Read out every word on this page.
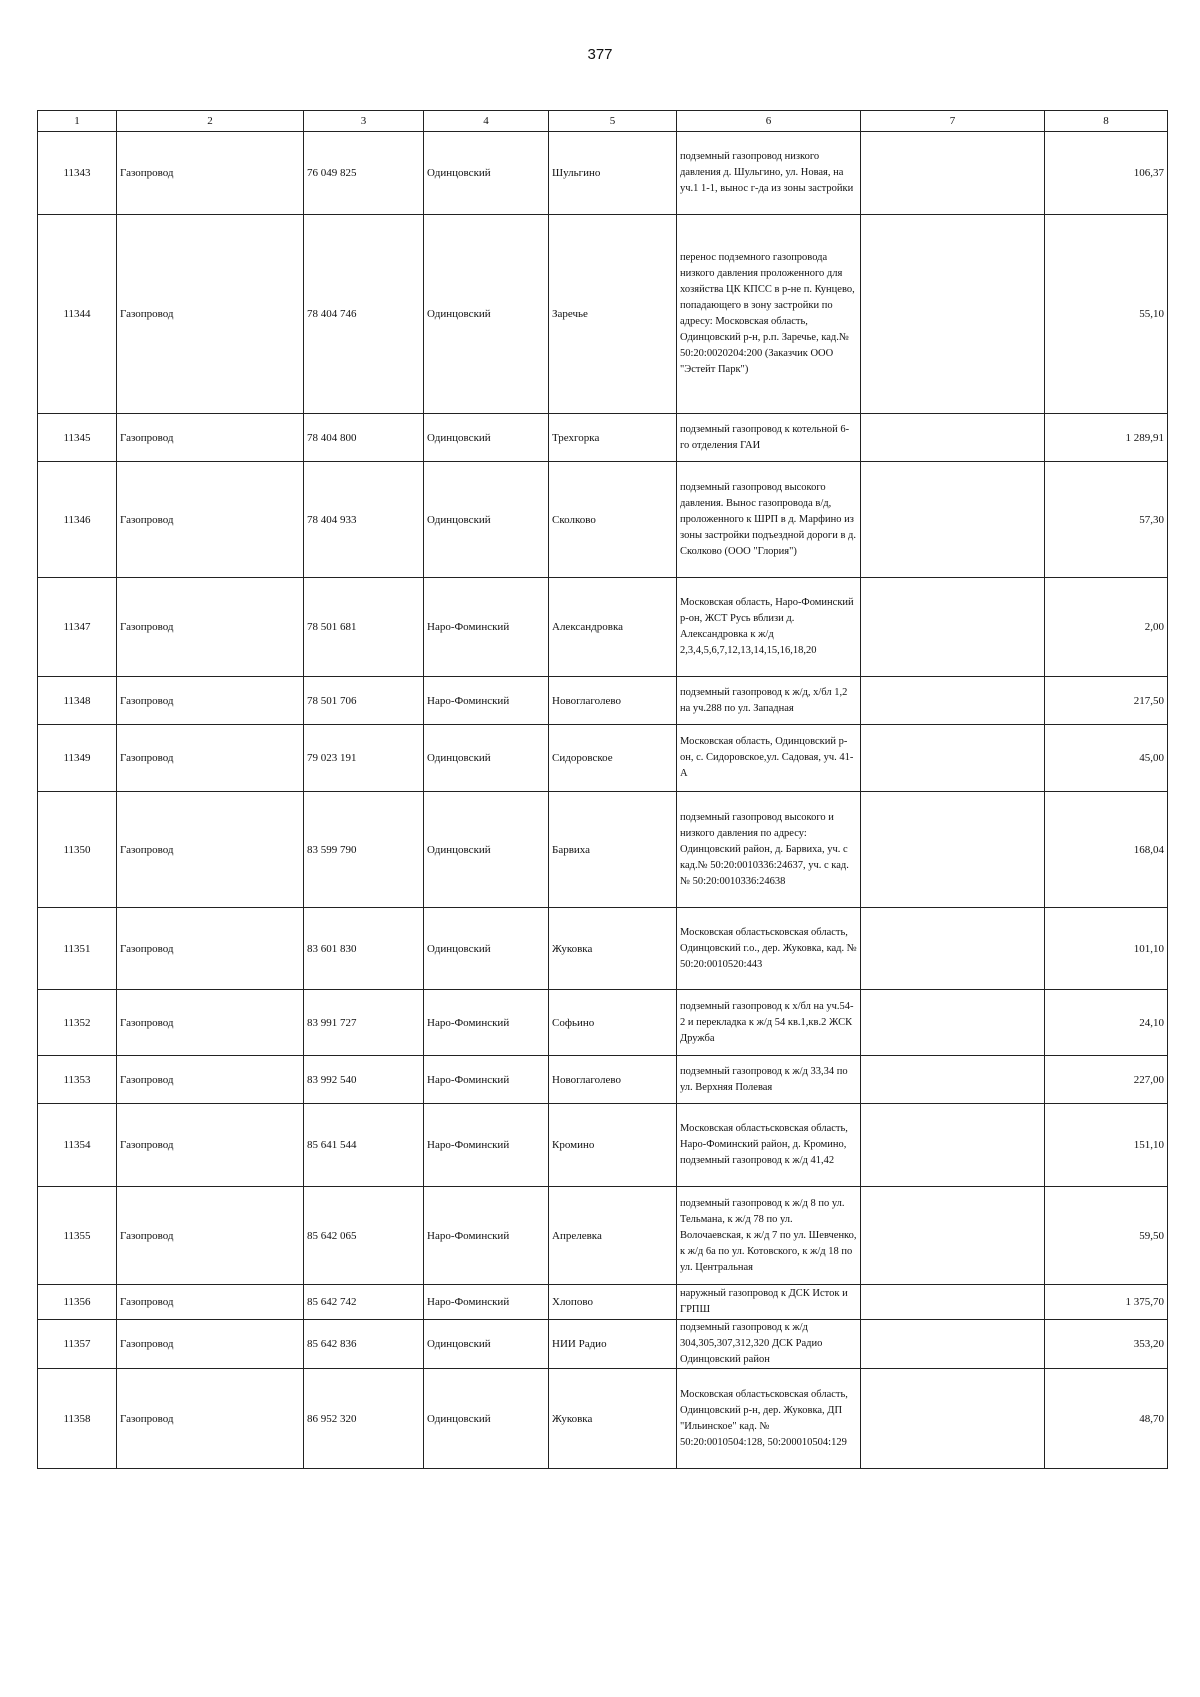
377
1	2	3	4	5	6	7	8
11343	Газопровод	76 049 825	Одинцовский	Шульгино	подземный газопровод низкого давления д. Шульгино, ул. Новая, на уч.1 1-1, вынос г-да из зоны застройки		106,37
11344	Газопровод	78 404 746	Одинцовский	Заречье	перенос подземного газопровода низкого давления проложенного для хозяйства ЦК КПСС в р-не п. Кунцево, попадающего в зону застройки по адресу: Московская область, Одинцовский р-н, р.п. Заречье, кад.№ 50:20:0020204:200 (Заказчик ООО "Эстейт Парк")		55,10
11345	Газопровод	78 404 800	Одинцовский	Трехгорка	подземный газопровод к котельной 6-го отделения ГАИ		1 289,91
11346	Газопровод	78 404 933	Одинцовский	Сколково	подземный газопровод высокого давления. Вынос газопровода в/д, проложенного к ШРП в д. Марфино из зоны застройки подъездной дороги в д. Сколково (ООО "Глория")		57,30
11347	Газопровод	78 501 681	Наро-Фоминский	Александровка	Московская область, Наро-Фоминский р-он, ЖСТ Русь вблизи д. Александровка к ж/д 2,3,4,5,6,7,12,13,14,15,16,18,20		2,00
11348	Газопровод	78 501 706	Наро-Фоминский	Новоглаголево	подземный газопровод к ж/д, х/бл 1,2 на уч.288 по ул. Западная		217,50
11349	Газопровод	79 023 191	Одинцовский	Сидоровское	Московская область, Одинцовский р-он, с. Сидоровское,ул. Садовая, уч. 41-А		45,00
11350	Газопровод	83 599 790	Одинцовский	Барвиха	подземный газопровод высокого и низкого давления по адресу: Одинцовский район, д. Барвиха, уч. с кад.№ 50:20:0010336:24637, уч. с кад.№ 50:20:0010336:24638		168,04
11351	Газопровод	83 601 830	Одинцовский	Жуковка	Московская областьсковская область, Одинцовский г.о., дер. Жуковка, кад. № 50:20:0010520:443		101,10
11352	Газопровод	83 991 727	Наро-Фоминский	Софьино	подземный газопровод к х/бл на уч.54-2 и перекладка к ж/д 54 кв.1,кв.2 ЖСК Дружба		24,10
11353	Газопровод	83 992 540	Наро-Фоминский	Новоглаголево	подземный газопровод к ж/д 33,34 по ул. Верхняя Полевая		227,00
11354	Газопровод	85 641 544	Наро-Фоминский	Кромино	Московская областьсковская область, Наро-Фоминский район, д. Кромино, подземный газопровод к ж/д 41,42		151,10
11355	Газопровод	85 642 065	Наро-Фоминский	Апрелевка	подземный газопровод к ж/д 8 по ул. Тельмана, к ж/д 78 по ул. Волочаевская, к ж/д 7 по ул. Шевченко, к ж/д 6а по ул. Котовского, к ж/д 18 по ул. Центральная		59,50
11356	Газопровод	85 642 742	Наро-Фоминский	Хлопово	наружный газопровод к ДСК Исток и ГРПШ		1 375,70
11357	Газопровод	85 642 836	Одинцовский	НИИ Радио	подземный газопровод к ж/д 304,305,307,312,320 ДСК Радио Одинцовский район		353,20
11358	Газопровод	86 952 320	Одинцовский	Жуковка	Московская областьсковская область, Одинцовский р-н, дер. Жуковка, ДП "Ильинское" кад. № 50:20:0010504:128, 50:200010504:129		48,70
